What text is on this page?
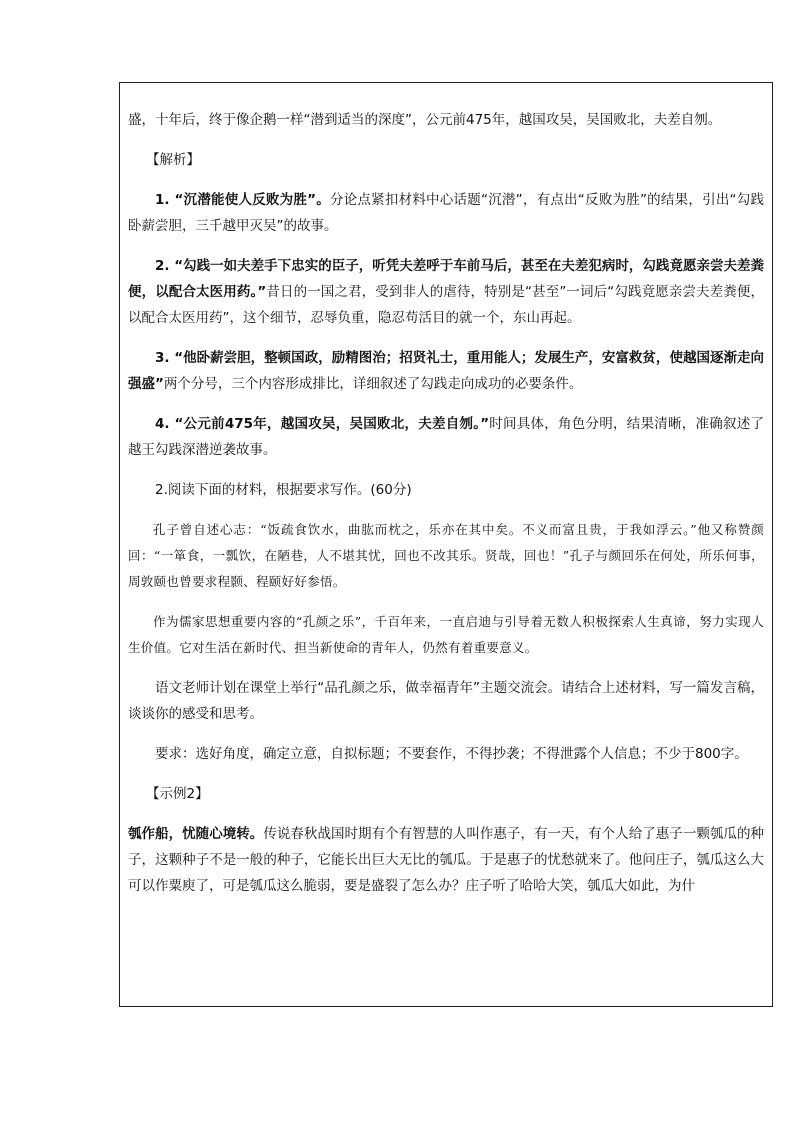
盛，十年后，终于像企鹅一样“潜到适当的深度”，公元前475年，越国攻吴，吴国败北，夫差自刎。

【解析】

1. “沉潜能使人反败为胜”。分论点紧扣材料中心话题“沉潜”，有点出“反败为胜”的结果，引出“勾践卧薪尝胆，三千越甲灭吴”的故事。

2. “勾践一如夫差手下忠实的臣子，听凭夫差呼于车前马后，甚至在夫差犯病时，勾践竟愿亲尝夫差粪便，以配合太医用药。”昔日的一国之君，受到非人的虐待，特别是“甚至”一词后“勾践竟愿亲尝夫差粪便，以配合太医用药”，这个细节，忍辱负重，隐忍苟活目的就一个，东山再起。

3. “他卧薪尝胆，整顿国政，励精图治；招贤礼士，重用能人；发展生产，安富救贫，使越国逐渐走向强盛”两个分号，三个内容形成排比，详细叙述了勾践走向成功的必要条件。

4. “公元前475年，越国攻吴，吴国败北，夫差自刎。”时间具体，角色分明，结果清晰，准确叙述了越王勾践深潜逆袭故事。

2.阅读下面的材料，根据要求写作。(60分)

孔子曾自述心志：“饭疏食饮水，曲肱而枕之，乐亦在其中矣。不义而富且贵，于我如浮云。”他又称赞颜回：“一箪食，一瓢饮，在陋巷，人不堪其忧，回也不改其乐。贤哉，回也！”孔子与颜回乐在何处，所乐何事，周敦颐也曾要求程颢、程颐好好参悟。

作为儒家思想重要内容的“孔颜之乐”，千百年来，一直启迪与引导着无数人积极探索人生真谛，努力实现人生价值。它对生活在新时代、担当新使命的青年人，仍然有着重要意义。

语文老师计划在课堂上举行“品孔颜之乐，做幸福青年”主题交流会。请结合上述材料，写一篇发言稿，谈谈你的感受和思考。

要求：选好角度，确定立意，自拟标题；不要套作，不得抄袭；不得泄露个人信息；不少于800字。

【示例2】

瓠作船，忧随心境转。传说春秋战国时期有个有智慧的人叫作惠子，有一天，有个人给了惠子一颗瓠瓜的种子，这颗种子不是一般的种子，它能长出巨大无比的瓠瓜。于是惠子的忧愁就来了。他问庄子，瓠瓜这么大可以作粟庾了，可是瓠瓜这么脆弱，要是盛裂了怎么办？庄子听了哈哈大笑，瓠瓜大如此，为什
